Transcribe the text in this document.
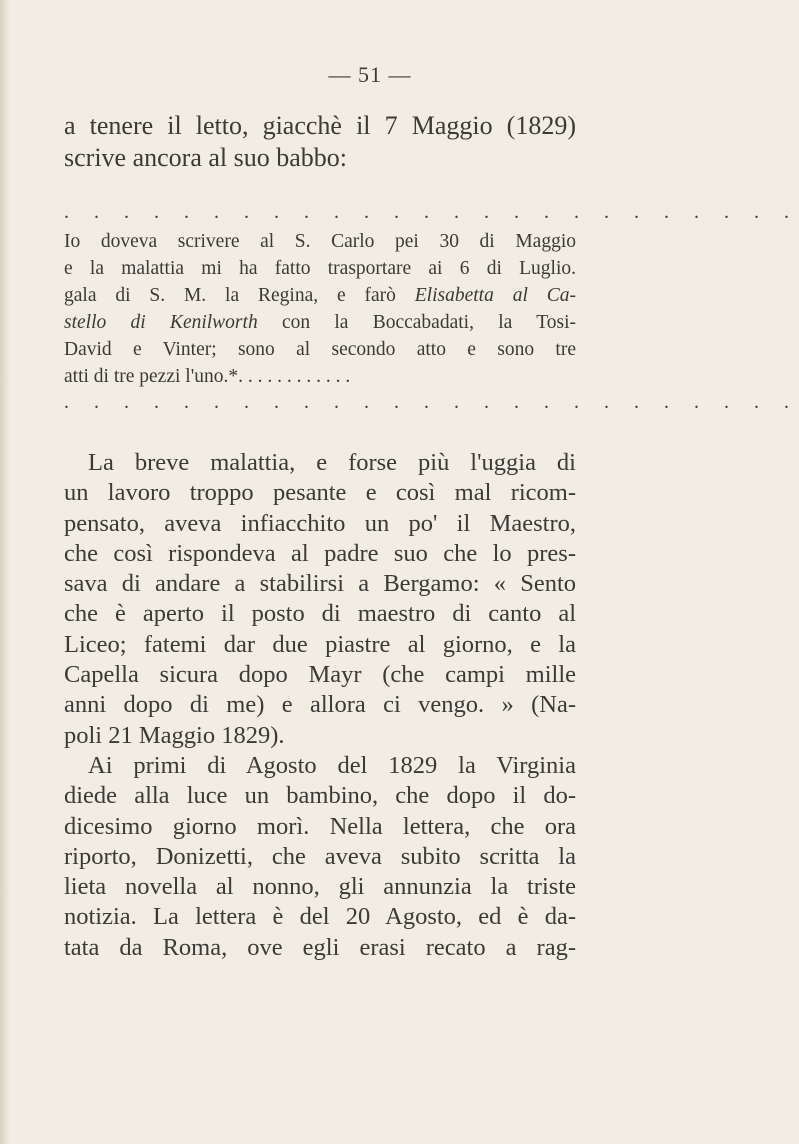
— 51 —
a tenere il letto, giacchè il 7 Maggio (1829)
scrive ancora al suo babbo:
. . . . . . . . . . . . . . . . . . . . . . . . .
Io doveva scrivere al S. Carlo pei 30 di Maggio
e la malattia mi ha fatto trasportare ai 6 di Luglio.
gala di S. M. la Regina, e farò Elisabetta al Ca-
stello di Kenilworth con la Boccabadati, la Tosi-
David e Vinter; sono al secondo atto e sono tre
atti di tre pezzi l'uno.*. . . . . . . . . . . .
. . . . . . . . . . . . . . . . . . . . . . . . .
La breve malattia, e forse più l'uggia di
un lavoro troppo pesante e così mal ricom-
pensato, aveva infiacchito un po' il Maestro,
che così rispondeva al padre suo che lo pres-
sava di andare a stabilirsi a Bergamo: « Sento
che è aperto il posto di maestro di canto al
Liceo; fatemi dar due piastre al giorno, e la
Capella sicura dopo Mayr (che campi mille
anni dopo di me) e allora ci vengo. » (Na-
poli 21 Maggio 1829).
Ai primi di Agosto del 1829 la Virginia
diede alla luce un bambino, che dopo il do-
dicesimo giorno morì. Nella lettera, che ora
riporto, Donizetti, che aveva subito scritta la
lieta novella al nonno, gli annunzia la triste
notizia. La lettera è del 20 Agosto, ed è da-
tata da Roma, ove egli erasi recato a rag-
